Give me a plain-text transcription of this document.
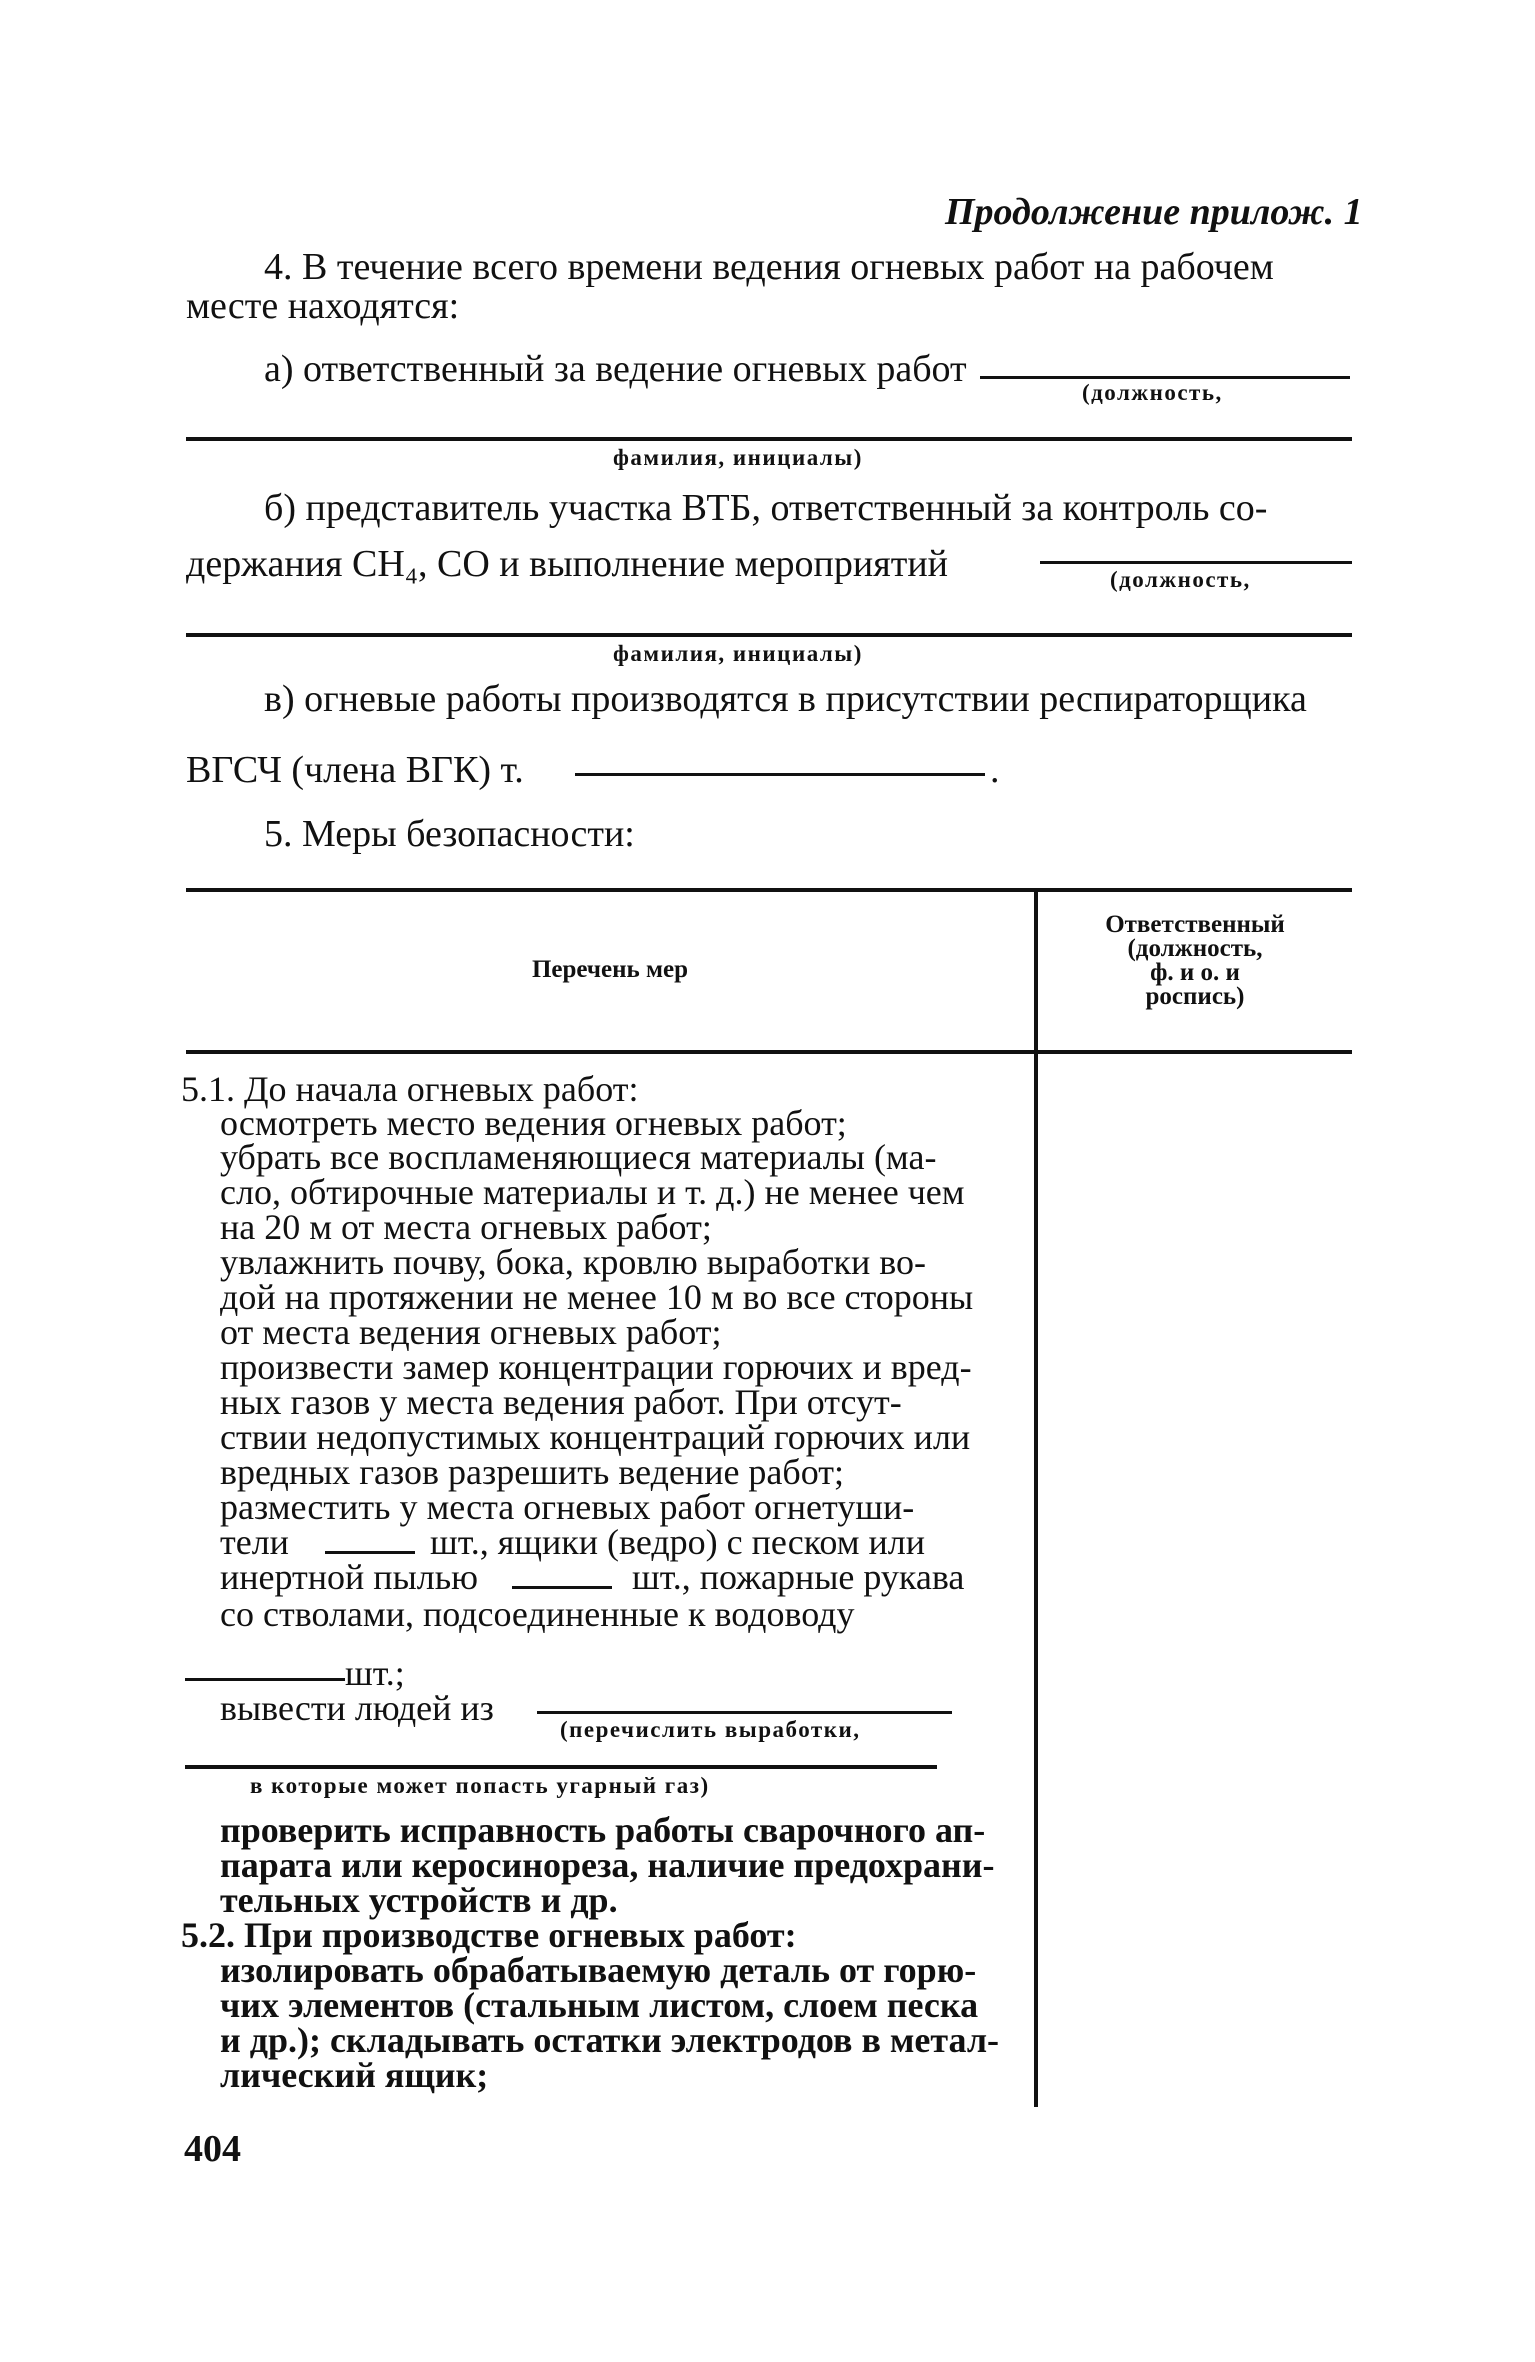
Продолжение прилож. 1
4. В течение всего времени ведения огневых работ на рабочем
месте находятся:
а) ответственный за ведение огневых работ
(должность,
фамилия, инициалы)
б) представитель участка ВТБ, ответственный за контроль со-
держания СН₄, СО и выполнение мероприятий	(должность,
фамилия, инициалы)
в) огневые работы производятся в присутствии респираторщика
ВГСЧ (члена ВГК) т.	.
5. Меры безопасности:
Перечень мер
Ответственный
(должность,
ф. и о. и
роспись)
5.1. До начала огневых работ:
осмотреть место ведения огневых работ;
убрать все воспламеняющиеся материалы (ма-
сло, обтирочные материалы и т. д.) не менее чем
на 20 м от места огневых работ;
увлажнить почву, бока, кровлю выработки во-
дой на протяжении не менее 10 м во все стороны
от места ведения огневых работ;
произвести замер концентрации горючих и вред-
ных газов у места ведения работ. При отсут-
ствии недопустимых концентраций горючих или
вредных газов разрешить ведение работ;
разместить у места огневых работ огнетуши-
тели	шт., ящики (ведро) с песком или
инертной пылью	шт., пожарные рукава
со стволами, подсоединенные к водоводу
шт.;
вывести людей из
(перечислить выработки,
в которые может попасть угарный газ)
проверить исправность работы сварочного ап-
парата или керосинореза, наличие предохрани-
тельных устройств и др.
5.2. При производстве огневых работ:
изолировать обрабатываемую деталь от горю-
чих элементов (стальным листом, слоем песка
и др.); складывать остатки электродов в метал-
лический ящик;
404
